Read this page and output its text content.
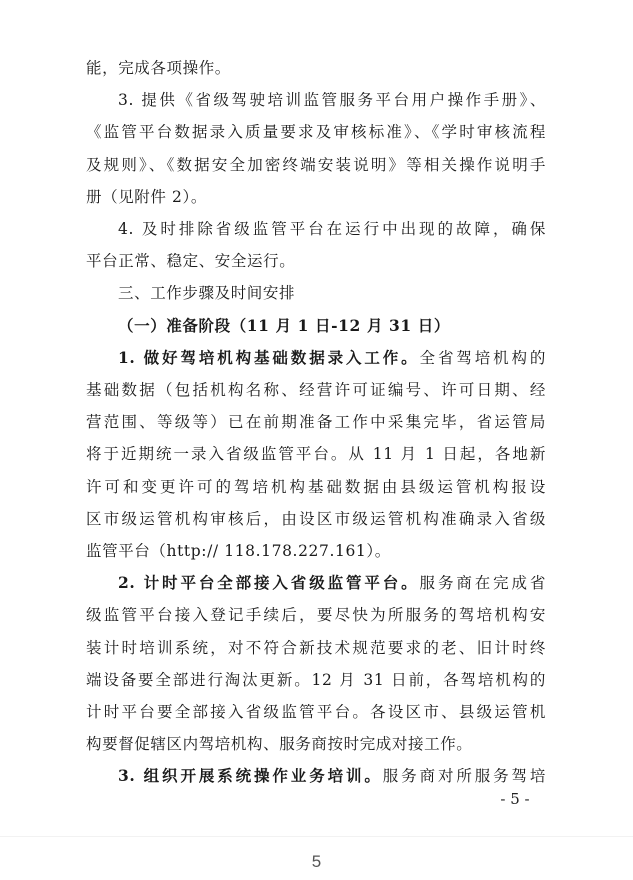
能，完成各项操作。
3. 提供《省级驾驶培训监管服务平台用户操作手册》、
《监管平台数据录入质量要求及审核标准》、《学时审核流程
及规则》、《数据安全加密终端安装说明》等相关操作说明手
册（见附件 2）。
4. 及时排除省级监管平台在运行中出现的故障，确保
平台正常、稳定、安全运行。
三、工作步骤及时间安排
（一）准备阶段（11 月 1 日-12 月 31 日）
1. 做好驾培机构基础数据录入工作。全省驾培机构的
基础数据（包括机构名称、经营许可证编号、许可日期、经
营范围、等级等）已在前期准备工作中采集完毕，省运管局
将于近期统一录入省级监管平台。从 11 月 1 日起，各地新
许可和变更许可的驾培机构基础数据由县级运管机构报设
区市级运管机构审核后，由设区市级运管机构准确录入省级
监管平台（http:// 118.178.227.161）。
2. 计时平台全部接入省级监管平台。服务商在完成省
级监管平台接入登记手续后，要尽快为所服务的驾培机构安
装计时培训系统，对不符合新技术规范要求的老、旧计时终
端设备要全部进行淘汰更新。12 月 31 日前，各驾培机构的
计时平台要全部接入省级监管平台。各设区市、县级运管机
构要督促辖区内驾培机构、服务商按时完成对接工作。
3. 组织开展系统操作业务培训。服务商对所服务驾培
- 5 -
5
